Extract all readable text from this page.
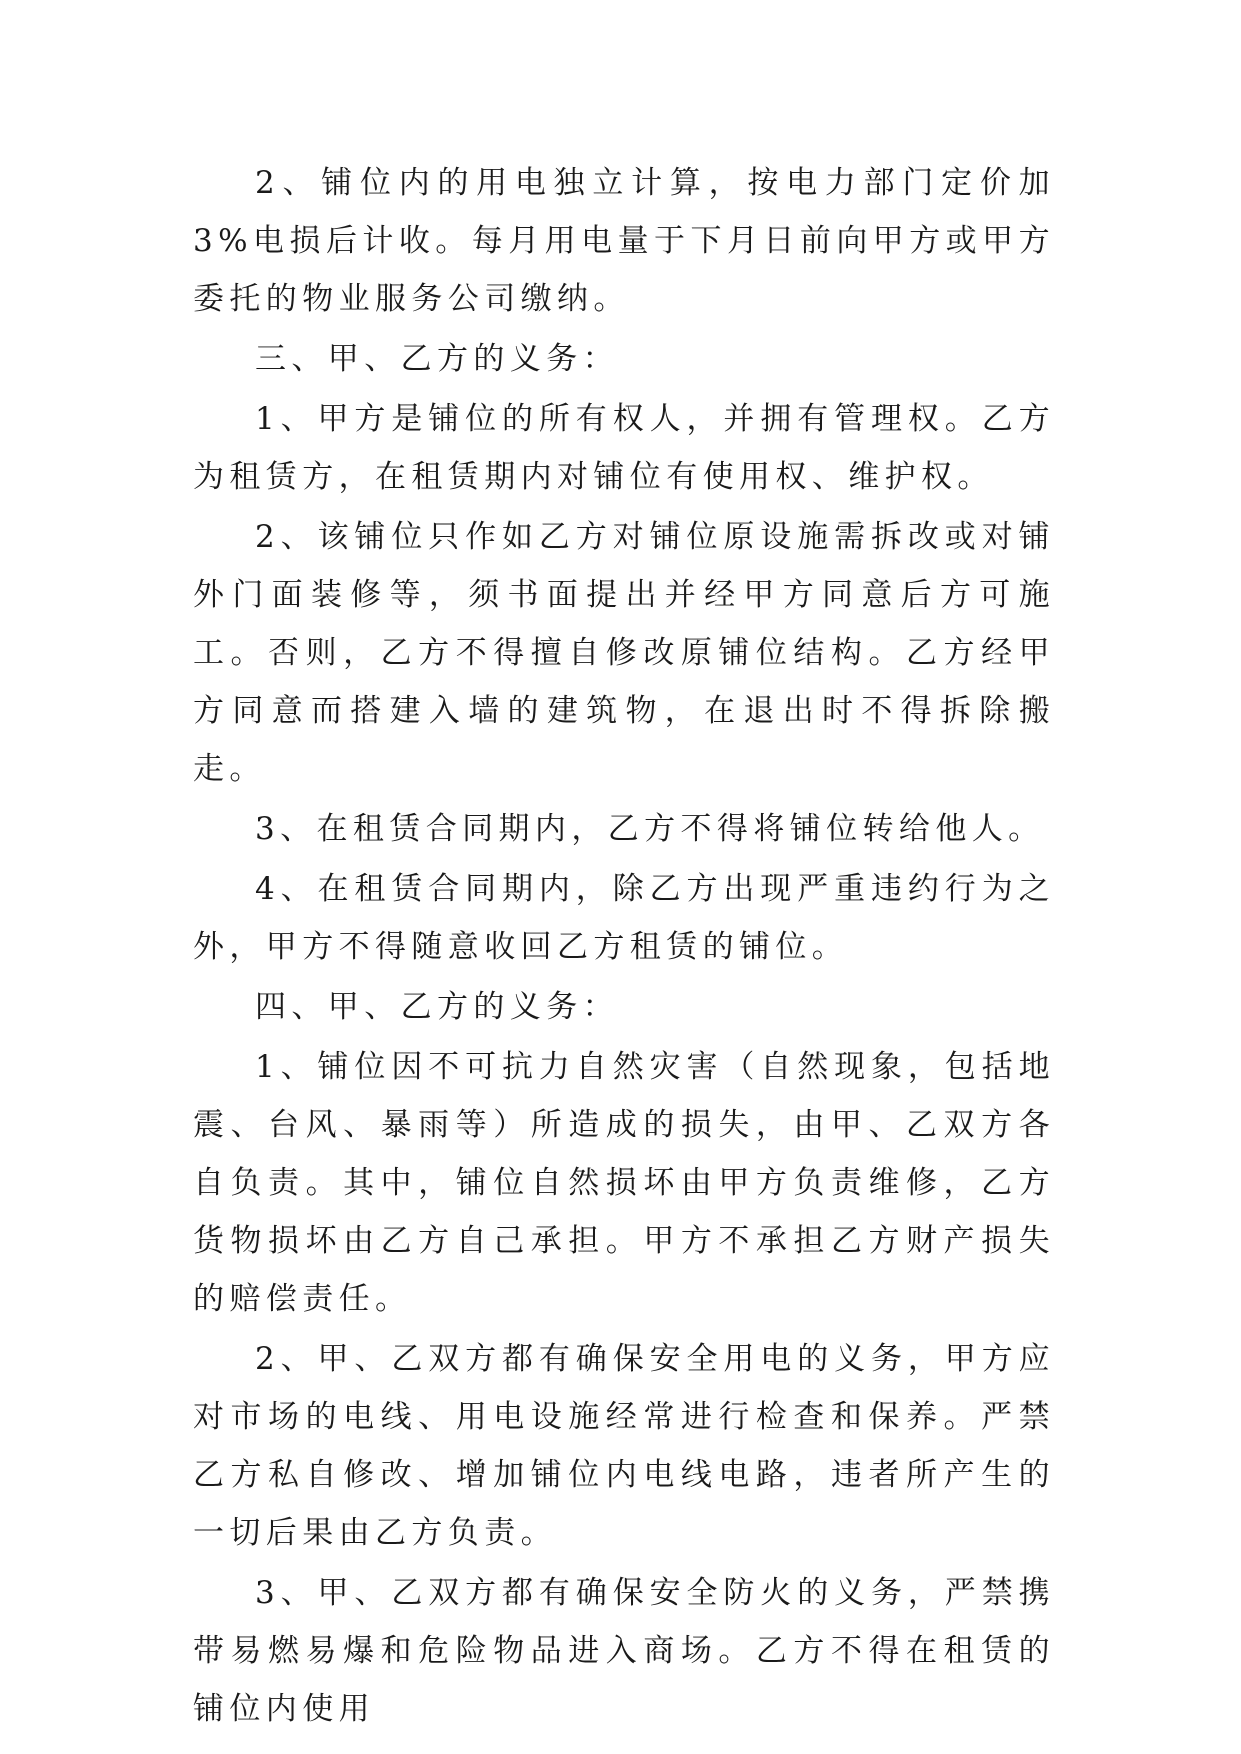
2、铺位内的用电独立计算，按电力部门定价加 3%电损后计收。每月用电量于下月日前向甲方或甲方委托的物业服务公司缴纳。

三、甲、乙方的义务：

1、甲方是铺位的所有权人，并拥有管理权。乙方为租赁方，在租赁期内对铺位有使用权、维护权。

2、该铺位只作如乙方对铺位原设施需拆改或对铺外门面装修等，须书面提出并经甲方同意后方可施工。否则，乙方不得擅自修改原铺位结构。乙方经甲方同意而搭建入墙的建筑物，在退出时不得拆除搬走。

3、在租赁合同期内，乙方不得将铺位转给他人。

4、在租赁合同期内，除乙方出现严重违约行为之外，甲方不得随意收回乙方租赁的铺位。

四、甲、乙方的义务：

1、铺位因不可抗力自然灾害（自然现象，包括地震、台风、暴雨等）所造成的损失，由甲、乙双方各自负责。其中，铺位自然损坏由甲方负责维修，乙方货物损坏由乙方自己承担。甲方不承担乙方财产损失的赔偿责任。

2、甲、乙双方都有确保安全用电的义务，甲方应对市场的电线、用电设施经常进行检查和保养。严禁乙方私自修改、增加铺位内电线电路，违者所产生的一切后果由乙方负责。

3、甲、乙双方都有确保安全防火的义务，严禁携带易燃易爆和危险物品进入商场。乙方不得在租赁的铺位内使用
